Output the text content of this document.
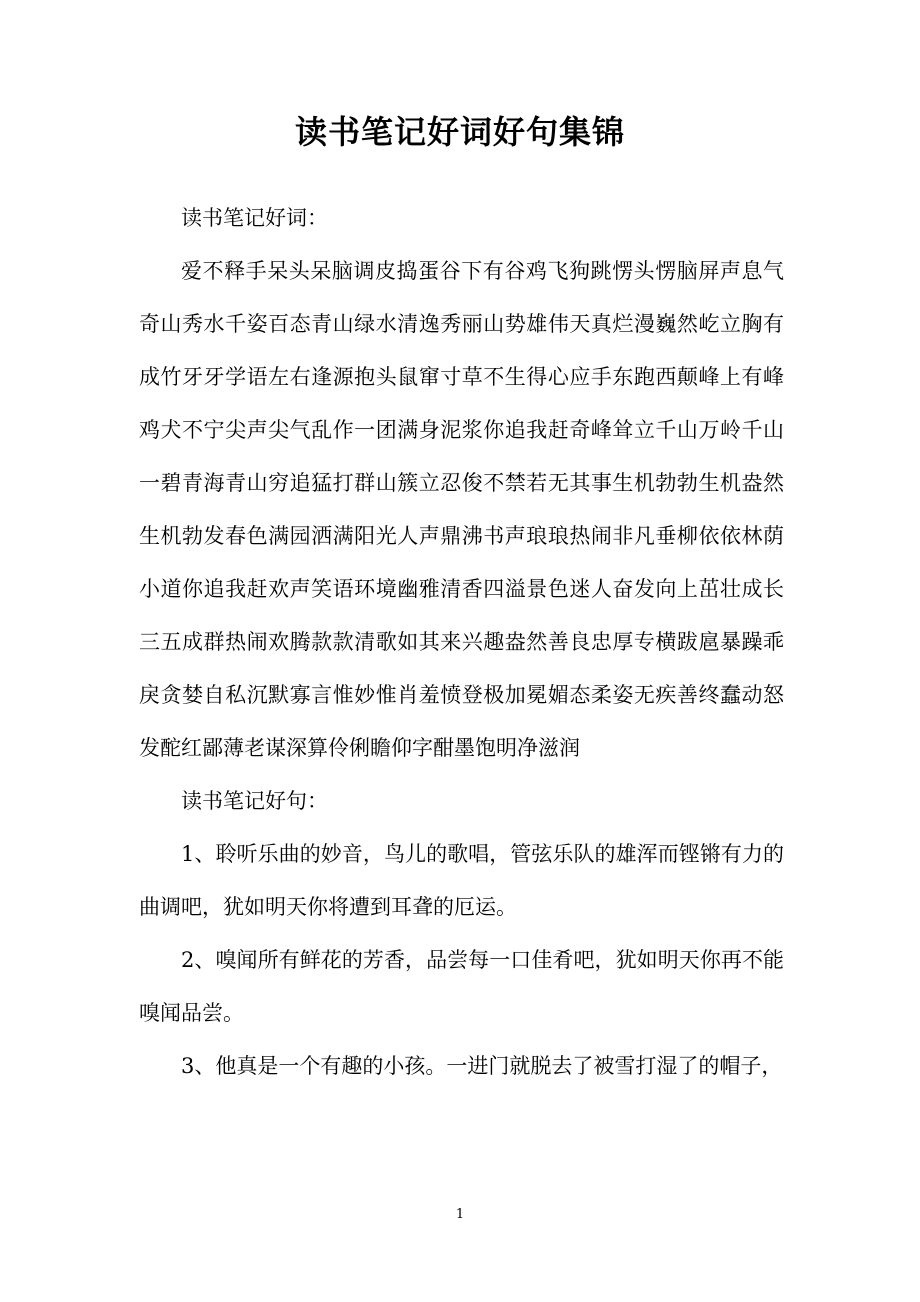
读书笔记好词好句集锦

读书笔记好词：

爱不释手呆头呆脑调皮捣蛋谷下有谷鸡飞狗跳愣头愣脑屏声息气奇山秀水千姿百态青山绿水清逸秀丽山势雄伟天真烂漫巍然屹立胸有成竹牙牙学语左右逢源抱头鼠窜寸草不生得心应手东跑西颠峰上有峰鸡犬不宁尖声尖气乱作一团满身泥浆你追我赶奇峰耸立千山万岭千山一碧青海青山穷追猛打群山簇立忍俊不禁若无其事生机勃勃生机盎然生机勃发春色满园洒满阳光人声鼎沸书声琅琅热闹非凡垂柳依依林荫小道你追我赶欢声笑语环境幽雅清香四溢景色迷人奋发向上茁壮成长三五成群热闹欢腾款款清歌如其来兴趣盎然善良忠厚专横跋扈暴躁乖戾贪婪自私沉默寡言惟妙惟肖羞愤登极加冕媚态柔姿无疾善终蠢动怒发酡红鄙薄老谋深算伶俐瞻仰字酣墨饱明净滋润

读书笔记好句：

1、聆听乐曲的妙音，鸟儿的歌唱，管弦乐队的雄浑而铿锵有力的曲调吧，犹如明天你将遭到耳聋的厄运。

2、嗅闻所有鲜花的芳香，品尝每一口佳肴吧，犹如明天你再不能嗅闻品尝。

3、他真是一个有趣的小孩。一进门就脱去了被雪打湿了的帽子，

1
